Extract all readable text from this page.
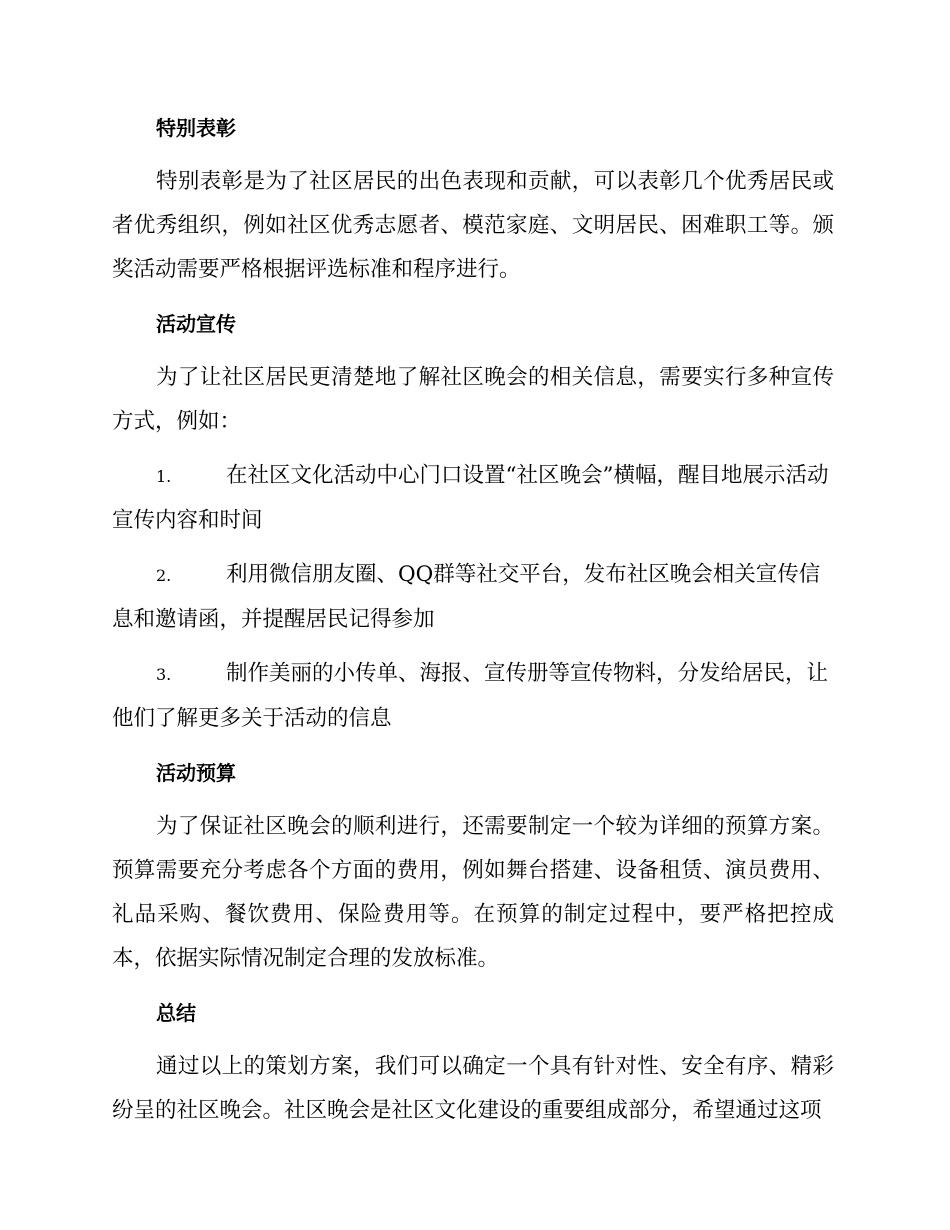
特别表彰

特别表彰是为了社区居民的出色表现和贡献，可以表彰几个优秀居民或者优秀组织，例如社区优秀志愿者、模范家庭、文明居民、困难职工等。颁奖活动需要严格根据评选标准和程序进行。

活动宣传

为了让社区居民更清楚地了解社区晚会的相关信息，需要实行多种宣传方式，例如：

1.	在社区文化活动中心门口设置“社区晚会”横幅，醒目地展示活动宣传内容和时间
2.	利用微信朋友圈、QQ群等社交平台，发布社区晚会相关宣传信息和邀请函，并提醒居民记得参加
3.	制作美丽的小传单、海报、宣传册等宣传物料，分发给居民，让他们了解更多关于活动的信息
活动预算

为了保证社区晚会的顺利进行，还需要制定一个较为详细的预算方案。预算需要充分考虑各个方面的费用，例如舞台搭建、设备租赁、演员费用、礼品采购、餐饮费用、保险费用等。在预算的制定过程中，要严格把控成本，依据实际情况制定合理的发放标准。

总结

通过以上的策划方案，我们可以确定一个具有针对性、安全有序、精彩纷呈的社区晚会。社区晚会是社区文化建设的重要组成部分，希望通过这项
